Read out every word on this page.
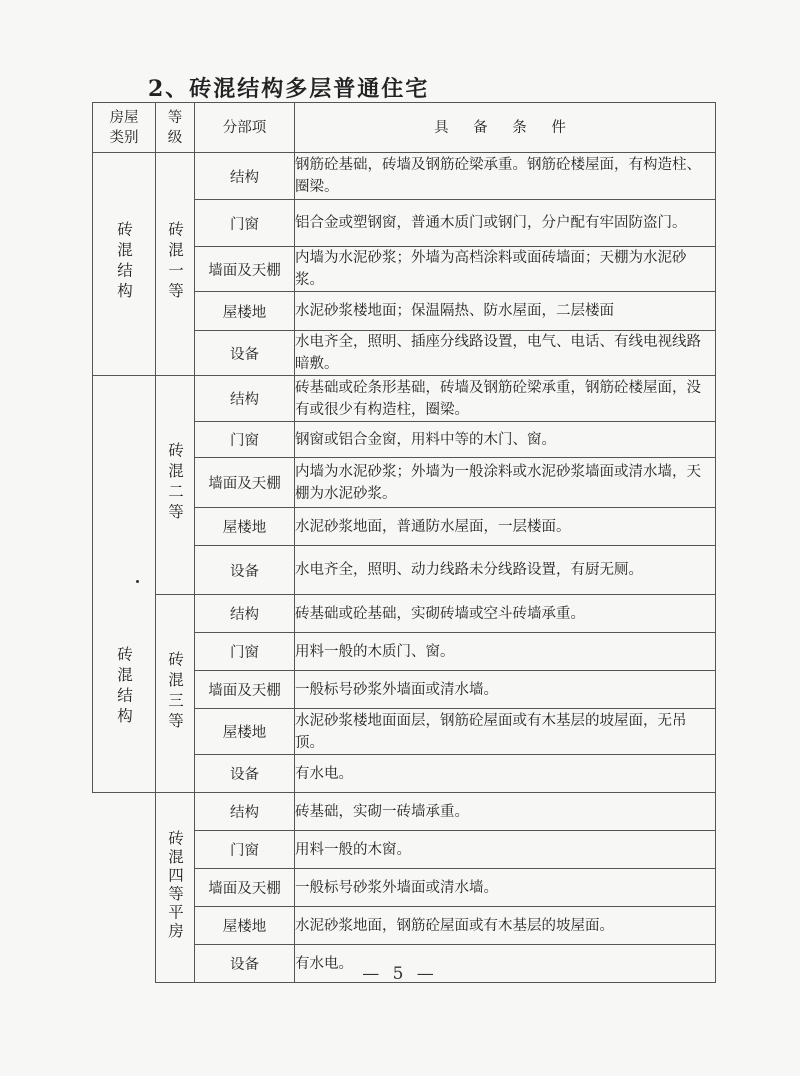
2、砖混结构多层普通住宅
房屋类别	等级	分部项	具 备 条 件
砖混结构	砖混一等	结构	钢筋砼基础，砖墙及钢筋砼梁承重。钢筋砼楼屋面，有构造柱、圈梁。
		门窗	铝合金或塑钢窗，普通木质门或钢门，分户配有牢固防盗门。
		墙面及天棚	内墙为水泥砂浆；外墙为高档涂料或面砖墙面；天棚为水泥砂浆。
		屋楼地	水泥砂浆楼地面；保温隔热、防水屋面，二层楼面
		设备	水电齐全，照明、插座分线路设置，电气、电话、有线电视线路暗敷。
砖混结构	砖混二等	结构	砖基础或砼条形基础，砖墙及钢筋砼梁承重，钢筋砼楼屋面，没有或很少有构造柱，圈梁。
		门窗	钢窗或铝合金窗，用料中等的木门、窗。
		墙面及天棚	内墙为水泥砂浆；外墙为一般涂料或水泥砂浆墙面或清水墙，天棚为水泥砂浆。
		屋楼地	水泥砂浆地面，普通防水屋面，一层楼面。
		设备	水电齐全，照明、动力线路未分线路设置，有厨无厕。
	砖混三等	结构	砖基础或砼基础，实砌砖墙或空斗砖墙承重。
		门窗	用料一般的木质门、窗。
		墙面及天棚	一般标号砂浆外墙面或清水墙。
		屋楼地	水泥砂浆楼地面面层，钢筋砼屋面或有木基层的坡屋面，无吊顶。
		设备	有水电。
	砖混四等平房	结构	砖基础，实砌一砖墙承重。
		门窗	用料一般的木窗。
		墙面及天棚	一般标号砂浆外墙面或清水墙。
		屋楼地	水泥砂浆地面，钢筋砼屋面或有木基层的坡屋面。
		设备	有水电。
— 5 —
